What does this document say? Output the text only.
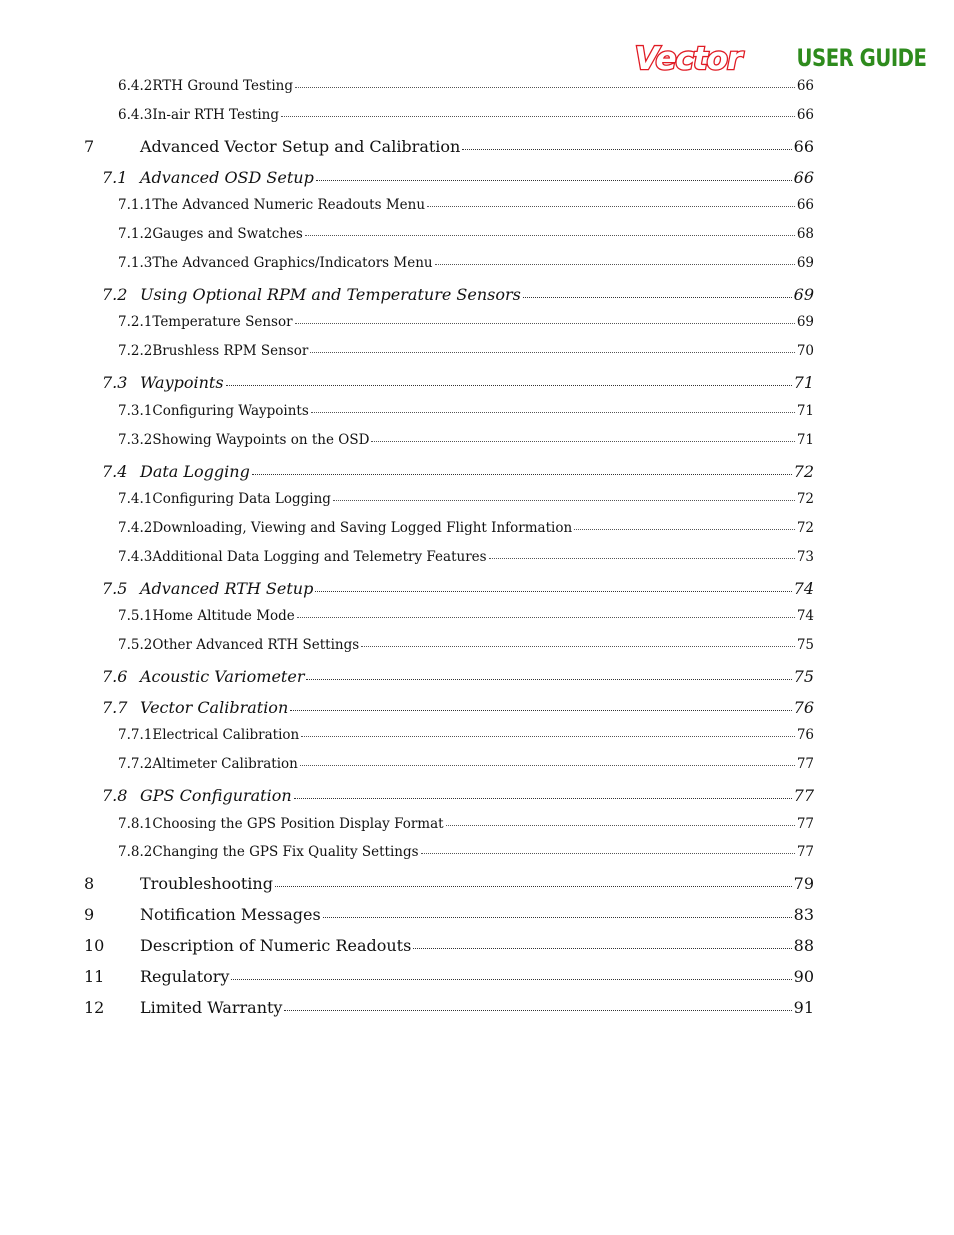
Vector USER GUIDE
6.4.2 RTH Ground Testing	66
6.4.3 In-air RTH Testing	66
7	Advanced Vector Setup and Calibration	66
7.1 Advanced OSD Setup	66
7.1.1 The Advanced Numeric Readouts Menu	66
7.1.2 Gauges and Swatches	68
7.1.3 The Advanced Graphics/Indicators Menu	69
7.2 Using Optional RPM and Temperature Sensors	69
7.2.1 Temperature Sensor	69
7.2.2 Brushless RPM Sensor	70
7.3 Waypoints	71
7.3.1 Configuring Waypoints	71
7.3.2 Showing Waypoints on the OSD	71
7.4 Data Logging	72
7.4.1 Configuring Data Logging	72
7.4.2 Downloading, Viewing and Saving Logged Flight Information	72
7.4.3 Additional Data Logging and Telemetry Features	73
7.5 Advanced RTH Setup	74
7.5.1 Home Altitude Mode	74
7.5.2 Other Advanced RTH Settings	75
7.6 Acoustic Variometer	75
7.7 Vector Calibration	76
7.7.1 Electrical Calibration	76
7.7.2 Altimeter Calibration	77
7.8 GPS Configuration	77
7.8.1 Choosing the GPS Position Display Format	77
7.8.2 Changing the GPS Fix Quality Settings	77
8	Troubleshooting	79
9	Notification Messages	83
10	Description of Numeric Readouts	88
11	Regulatory	90
12	Limited Warranty	91
